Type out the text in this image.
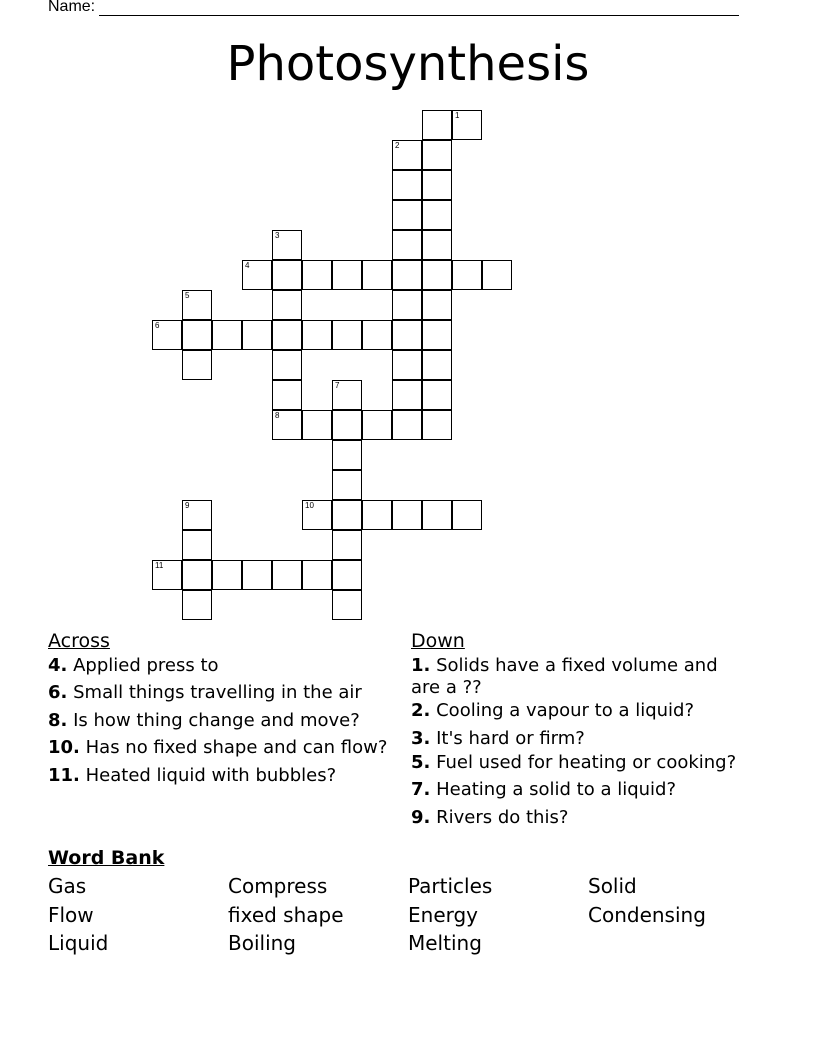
Name:
Photosynthesis
2
3
5
6
8
7
9
11
1
4
10
Across
4. Applied press to
6. Small things travelling in the air
8. Is how thing change and move?
10. Has no fixed shape and can flow?
11. Heated liquid with bubbles?
Down
1. Solids have a fixed volume and
are a ??
2. Cooling a vapour to a liquid?
3. It's hard or firm?
5. Fuel used for heating or cooking?
7. Heating a solid to a liquid?
9. Rivers do this?
Word Bank
Gas	Compress	Particles	Solid
Flow	fixed shape	Energy	Condensing
Liquid	Boiling	Melting
